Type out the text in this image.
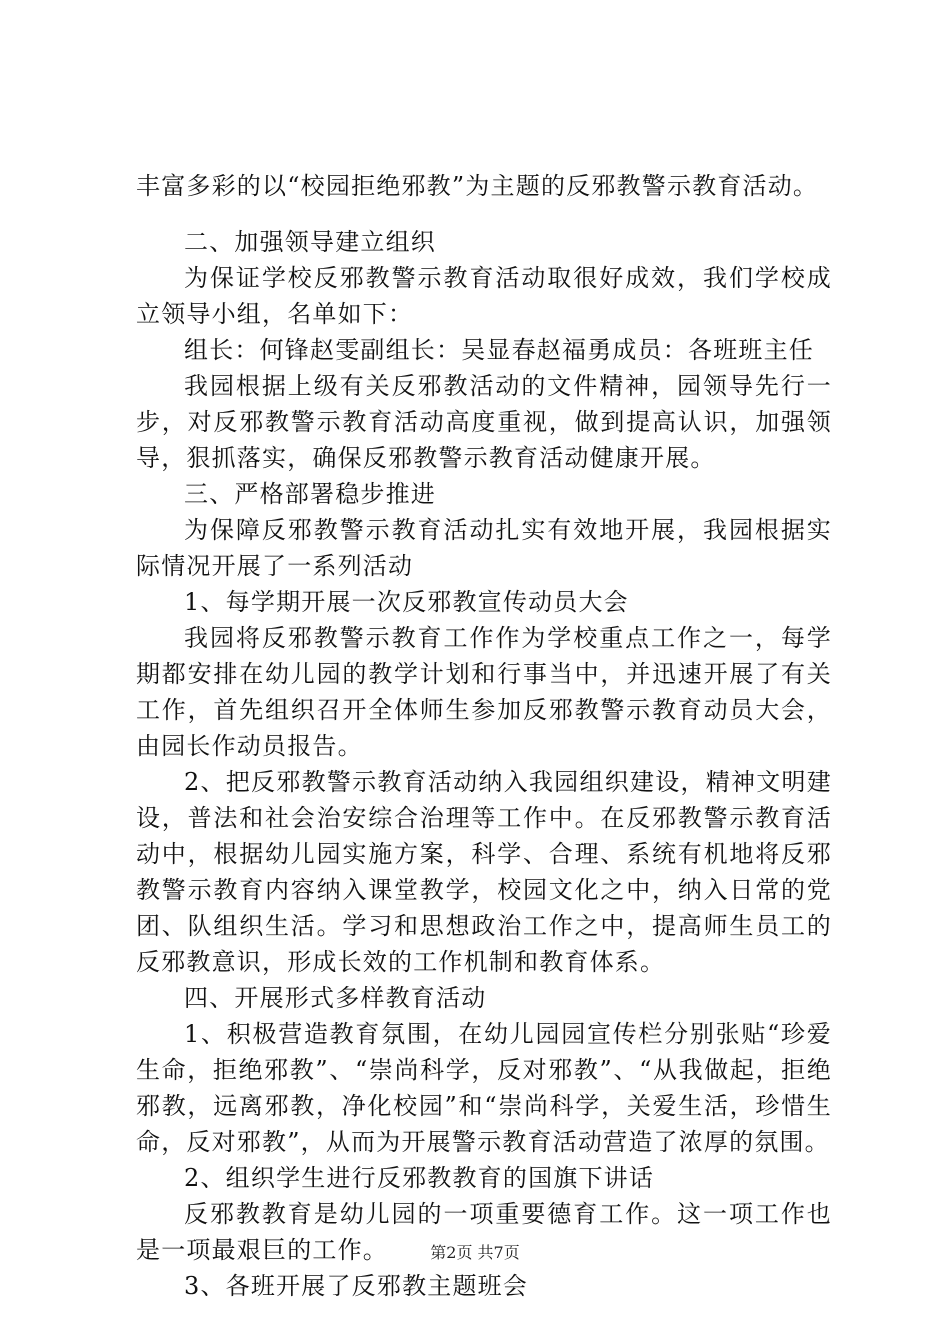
丰富多彩的以“校园拒绝邪教”为主题的反邪教警示教育活动。

二、加强领导建立组织

为保证学校反邪教警示教育活动取很好成效，我们学校成立领导小组，名单如下：

组长：何锋赵雯副组长：吴显春赵福勇成员：各班班主任

我园根据上级有关反邪教活动的文件精神，园领导先行一步，对反邪教警示教育活动高度重视，做到提高认识，加强领导，狠抓落实，确保反邪教警示教育活动健康开展。

三、严格部署稳步推进

为保障反邪教警示教育活动扎实有效地开展，我园根据实际情况开展了一系列活动

1、每学期开展一次反邪教宣传动员大会

我园将反邪教警示教育工作作为学校重点工作之一，每学期都安排在幼儿园的教学计划和行事当中，并迅速开展了有关工作，首先组织召开全体师生参加反邪教警示教育动员大会，由园长作动员报告。

2、把反邪教警示教育活动纳入我园组织建设，精神文明建设，普法和社会治安综合治理等工作中。在反邪教警示教育活动中，根据幼儿园实施方案，科学、合理、系统有机地将反邪教警示教育内容纳入课堂教学，校园文化之中，纳入日常的党团、队组织生活。学习和思想政治工作之中，提高师生员工的反邪教意识，形成长效的工作机制和教育体系。

四、开展形式多样教育活动

1、积极营造教育氛围，在幼儿园园宣传栏分别张贴“珍爱生命，拒绝邪教”、“崇尚科学，反对邪教”、“从我做起，拒绝邪教，远离邪教，净化校园”和“崇尚科学，关爱生活，珍惜生命，反对邪教”，从而为开展警示教育活动营造了浓厚的氛围。

2、组织学生进行反邪教教育的国旗下讲话

反邪教教育是幼儿园的一项重要德育工作。这一项工作也是一项最艰巨的工作。

3、各班开展了反邪教主题班会

第2页 共7页
